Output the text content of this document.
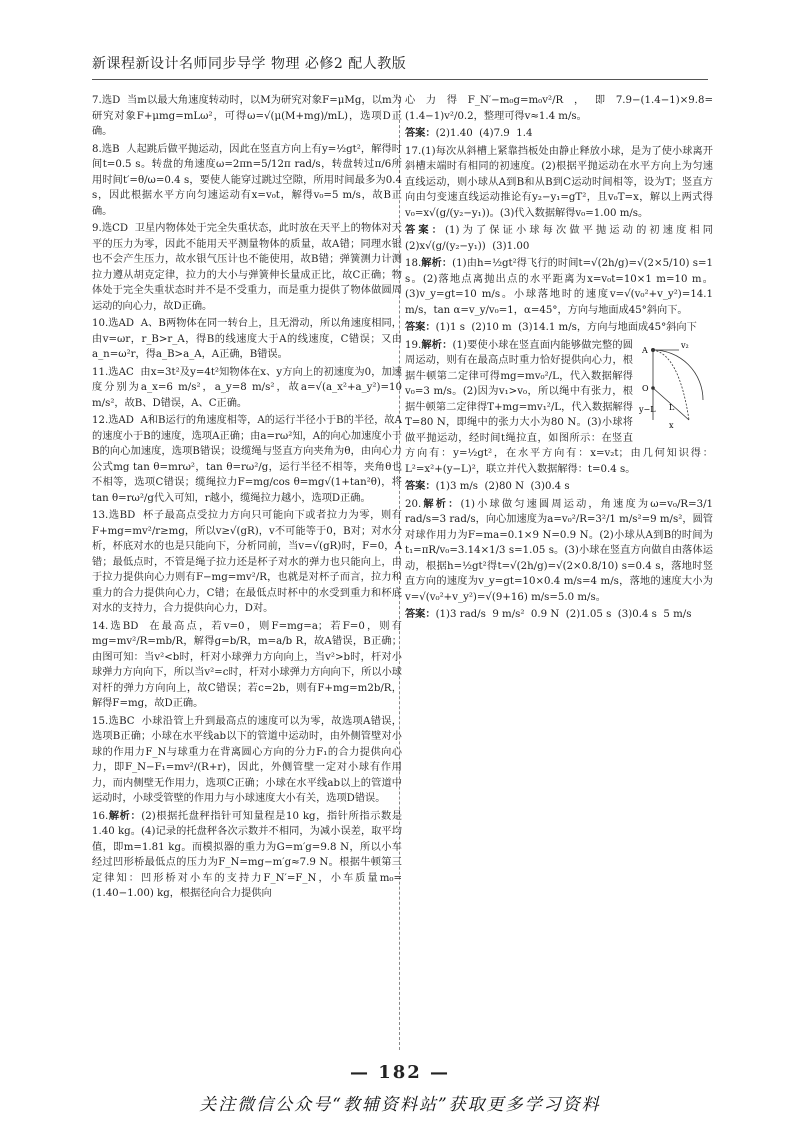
新课程新设计名师同步导学 物理 必修2 配人教版
7.选D  当m以最大角速度转动时，以M为研究对象F=μMg，以m为研究对象F+μmg=mLω²，可得ω=√(μ(M+mg)/mL)，选项D正确。
8.选B  人起跳后做平抛运动，因此在竖直方向上有y=½gt²，解得时间t=0.5 s。转盘的角速度ω=2πn=5/12π rad/s，转盘转过π/6所用时间t′=θ/ω=0.4 s，要使人能穿过跳过空隙，所用时间最多为0.4 s，因此根据水平方向匀速运动有x=v₀t，解得v₀=5 m/s，故B正确。
9.选CD  卫星内物体处于完全失重状态，此时放在天平上的物体对天平的压力为零，因此不能用天平测量物体的质量，故A错；同理水银也不会产生压力，故水银气压计也不能使用，故B错；弹簧测力计测拉力遵从胡克定律，拉力的大小与弹簧伸长量成正比，故C正确；物体处于完全失重状态时并不是不受重力，而是重力提供了物体做圆周运动的向心力，故D正确。
10.选AD  A、B两物体在同一转台上，且无滑动，所以角速度相同，由v=ωr，r_B>r_A，得B的线速度大于A的线速度，C错误；又由a_n=ω²r，得a_B>a_A，A正确，B错误。
11.选AC  由x=3t²及y=4t²知物体在x、y方向上的初速度为0，加速度分别为a_x=6 m/s²，a_y=8 m/s²，故a=√(a_x²+a_y²)=10 m/s²，故B、D错误，A、C正确。
12.选AD  A和B运行的角速度相等，A的运行半径小于B的半径，故A的速度小于B的速度，选项A正确；由a=rω²知，A的向心加速度小于B的向心加速度，选项B错误；设缆绳与竖直方向夹角为θ，由向心力公式mg tan θ=mrω²，tan θ=rω²/g，运行半径不相等，夹角θ也不相等，选项C错误；缆绳拉力F=mg/cos θ=mg√(1+tan²θ)，将tan θ=rω²/g代入可知，r越小，缆绳拉力越小，选项D正确。
13.选BD  杯子最高点受拉力方向只可能向下或者拉力为零，则有F+mg=mv²/r≥mg，所以v≥√(gR)，v不可能等于0，B对；对水分析，杯底对水的也是只能向下，分析同前，当v=√(gR)时，F=0，A错；最低点时，不管是绳子拉力还是杯子对水的弹力也只能向上，由于拉力提供向心力则有F−mg=mv²/R，也就是对杯子而言，拉力和重力的合力提供向心力，C错；在最低点时杯中的水受到重力和杯底对水的支持力，合力提供向心力，D对。
14.选BD  在最高点，若v=0，则F=mg=a；若F=0，则有mg=mv²/R=mb/R，解得g=b/R，m=a/b R，故A错误，B正确；由图可知：当v²<b时，杆对小球弹力方向向上，当v²>b时，杆对小球弹力方向向下，所以当v²=c时，杆对小球弹力方向向下，所以小球对杆的弹力方向向上，故C错误；若c=2b，则有F+mg=m2b/R，解得F=mg，故D正确。
15.选BC  小球沿管上升到最高点的速度可以为零，故选项A错误，选项B正确；小球在水平线ab以下的管道中运动时，由外侧管壁对小球的作用力F_N与球重力在背离圆心方向的分力F₁的合力提供向心力，即F_N−F₁=mv²/(R+r)，因此，外侧管壁一定对小球有作用力，而内侧壁无作用力，选项C正确；小球在水平线ab以上的管道中运动时，小球受管壁的作用力与小球速度大小有关，选项D错误。
16.解析：(2)根据托盘秤指针可知量程是10 kg，指针所指示数是1.40 kg。(4)记录的托盘秤各次示数并不相同，为减小误差，取平均值，即m=1.81 kg。而模拟器的重力为G=m′g=9.8 N，所以小车经过凹形桥最低点的压力为F_N=mg−m′g≈7.9 N。根据牛顿第三定律知：凹形桥对小车的支持力F_N′=F_N，小车质量m₀=(1.40−1.00) kg，根据径向合力提供向
心力得F_N′−m₀g=m₀v²/R，即7.9−(1.4−1)×9.8=(1.4−1)v²/0.2，整理可得v≈1.4 m/s。
答案：(2)1.40  (4)7.9  1.4
17.(1)每次从斜槽上紧靠挡板处由静止释放小球，是为了使小球离开斜槽末端时有相同的初速度。(2)根据平抛运动在水平方向上为匀速直线运动，则小球从A到B和从B到C运动时间相等，设为T；竖直方向由匀变速直线运动推论有y₂−y₁=gT²，且v₀T=x，解以上两式得v₀=x√(g/(y₂−y₁))。(3)代入数据解得v₀=1.00 m/s。
答案：(1)为了保证小球每次做平抛运动的初速度相同  (2)x√(g/(y₂−y₁))  (3)1.00
18.解析：(1)由h=½gt²得飞行的时间t=√(2h/g)=√(2×5/10) s=1 s。(2)落地点离抛出点的水平距离为x=v₀t=10×1 m=10 m。(3)v_y=gt=10 m/s。小球落地时的速度v=√(v₀²+v_y²)=14.1 m/s，tan α=v_y/v₀=1，α=45°，方向与地面成45°斜向下。
答案：(1)1 s  (2)10 m  (3)14.1 m/s，方向与地面成45°斜向下
19.解析：	A
v₂
O
L
y−L
x
(1)要使小球在竖直面内能够做完整的圆周运动，则有在最高点时重力恰好提供向心力，根据牛顿第二定律可得mg=mv₀²/L，代入数据解得v₀=3 m/s。(2)因为v₁>v₀，所以绳中有张力，根据牛顿第二定律得T+mg=mv₁²/L，代入数据解得T=80 N，即绳中的张力大小为80 N。(3)小球将做平抛运动，经时间t绳拉直，如图所示：在竖直方向有：y=½gt²，在水平方向有：x=v₂t；由几何知识得：L²=x²+(y−L)²，联立并代入数据解得：t=0.4 s。
答案：(1)3 m/s  (2)80 N  (3)0.4 s
20.解析：(1)小球做匀速圆周运动，角速度为ω=v₀/R=3/1 rad/s=3 rad/s，向心加速度为a=v₀²/R=3²/1 m/s²=9 m/s²，圆管对球作用力为F=ma=0.1×9 N=0.9 N。(2)小球从A到B的时间为t₁=πR/v₀=3.14×1/3 s=1.05 s。(3)小球在竖直方向做自由落体运动，根据h=½gt²得t=√(2h/g)=√(2×0.8/10) s=0.4 s，落地时竖直方向的速度为v_y=gt=10×0.4 m/s=4 m/s，落地的速度大小为v=√(v₀²+v_y²)=√(9+16) m/s=5.0 m/s。
答案：(1)3 rad/s  9 m/s²  0.9 N  (2)1.05 s  (3)0.4 s  5 m/s
— 182 —
关注微信公众号“教辅资料站”获取更多学习资料
